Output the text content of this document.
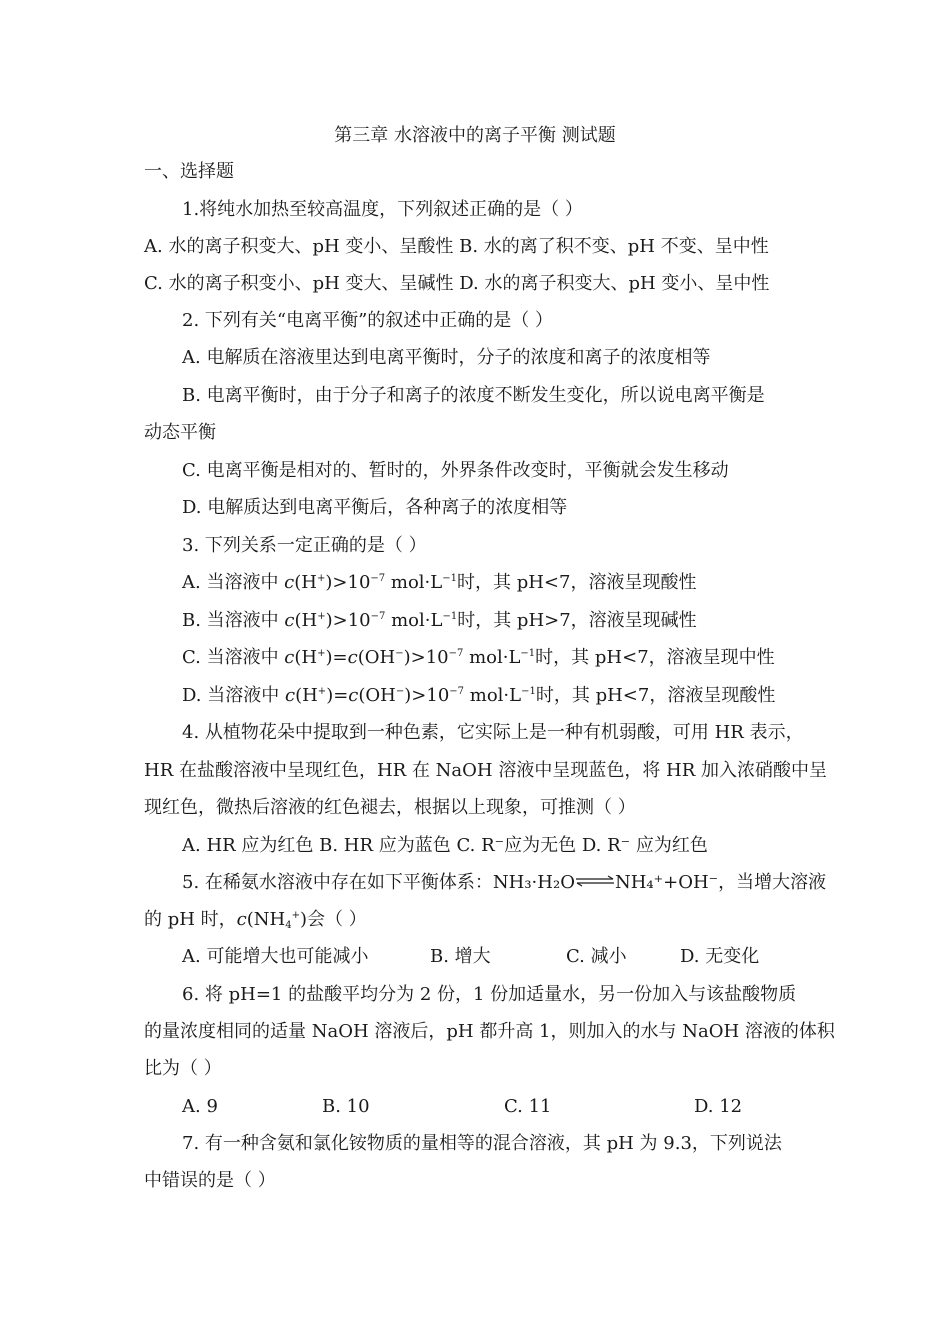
第三章 水溶液中的离子平衡 测试题
一、选择题
1.将纯水加热至较高温度，下列叙述正确的是（ ）
A. 水的离子积变大、pH 变小、呈酸性 B. 水的离了积不变、pH 不变、呈中性
C. 水的离子积变小、pH 变大、呈碱性 D. 水的离子积变大、pH 变小、呈中性
2. 下列有关“电离平衡”的叙述中正确的是（ ）
A. 电解质在溶液里达到电离平衡时，分子的浓度和离子的浓度相等
B. 电离平衡时，由于分子和离子的浓度不断发生变化，所以说电离平衡是
动态平衡
C. 电离平衡是相对的、暂时的，外界条件改变时，平衡就会发生移动
D. 电解质达到电离平衡后，各种离子的浓度相等
3. 下列关系一定正确的是（ ）
A. 当溶液中 $c(H^+)>10^{-7}$ $mol\cdot L^{-1}$时，其 pH<7，溶液呈现酸性
B. 当溶液中 $c(H^+)>10^{-7}$ $mol\cdot L^{-1}$时，其 pH>7，溶液呈现碱性
C. 当溶液中 $c(H^+)=c(OH^-)>10^{-7}$ $mol\cdot L^{-1}$时，其 pH<7，溶液呈现中性
D. 当溶液中 $c(H^+)=c(OH^-)>10^{-7}$ $mol\cdot L^{-1}$时，其 pH<7，溶液呈现酸性
4. 从植物花朵中提取到一种色素，它实际上是一种有机弱酸，可用 HR 表示，
HR 在盐酸溶液中呈现红色，HR 在 NaOH 溶液中呈现蓝色，将 HR 加入浓硝酸中呈
现红色，微热后溶液的红色褪去，根据以上现象，可推测（ ）
A. HR 应为红色 B. HR 应为蓝色 C. R⁻应为无色 D. R⁻ 应为红色
5. 在稀氨水溶液中存在如下平衡体系：NH₃·H₂O⇌NH₄⁺+OH⁻，当增大溶液
的 pH 时，$c(NH_4^+)$会（ ）
A. 可能增大也可能减小	B. 增大	C. 减小	D. 无变化
6. 将 pH=1 的盐酸平均分为 2 份，1 份加适量水，另一份加入与该盐酸物质
的量浓度相同的适量 NaOH 溶液后，pH 都升高 1，则加入的水与 NaOH 溶液的体积
比为（ ）
A. 9	B. 10	C. 11	D. 12
7. 有一种含氨和氯化铵物质的量相等的混合溶液，其 pH 为 9.3，下列说法
中错误的是（ ）
